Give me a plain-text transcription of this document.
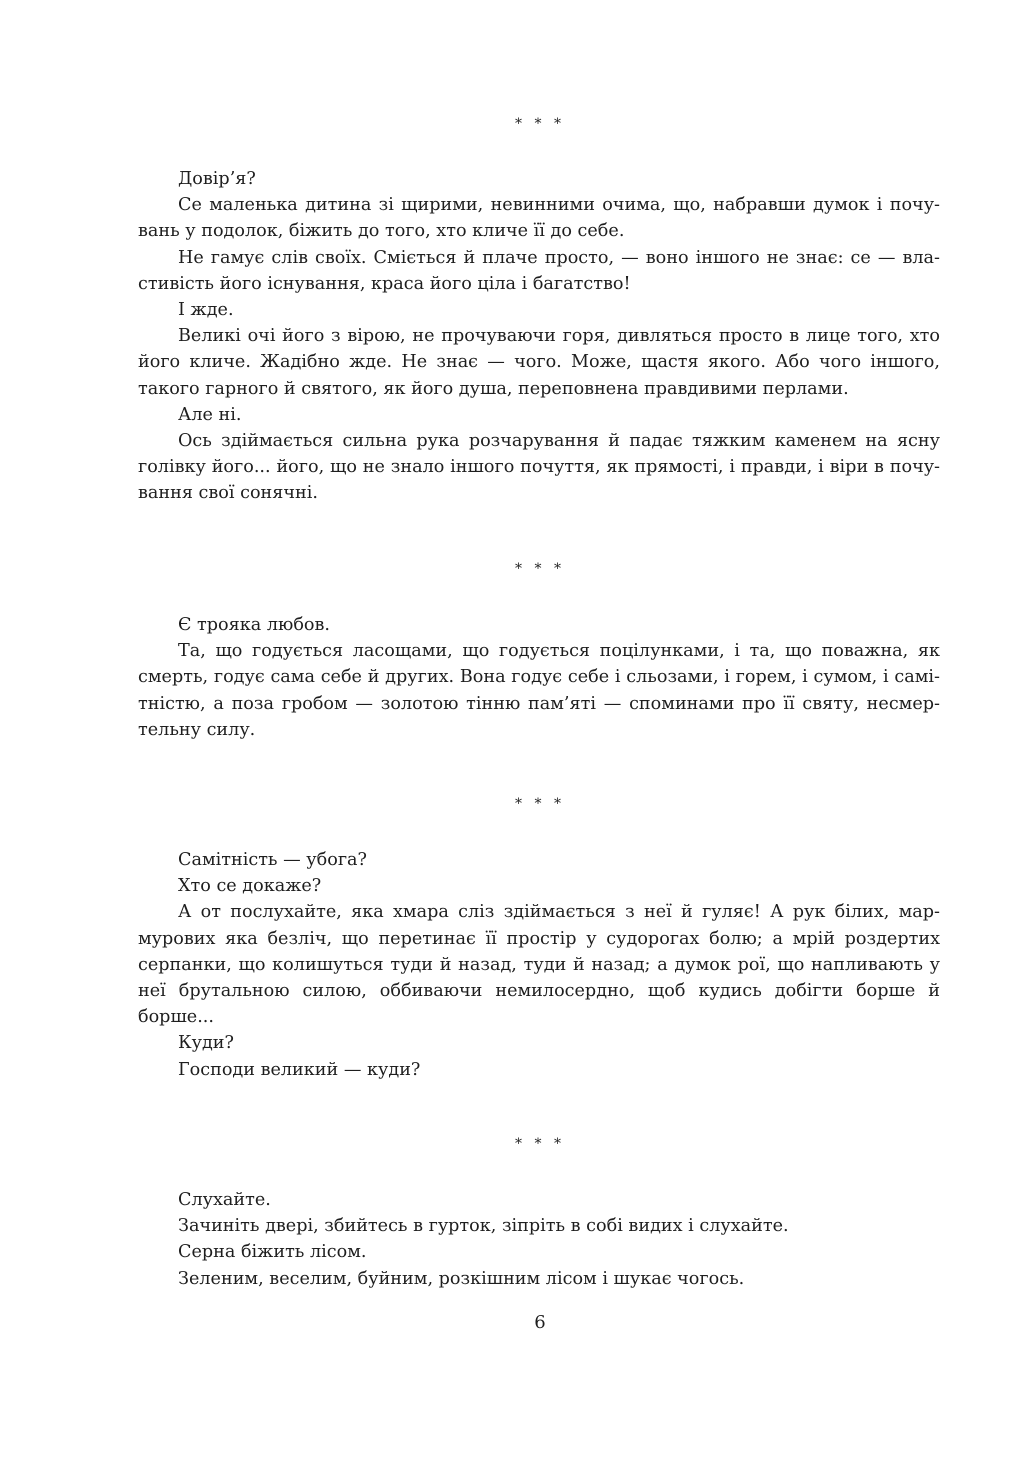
* * *

Довір’я?

Се маленька дитина зі щирими, невинними очима, що, набравши думок і почувань у подолок, біжить до того, хто кличе її до себе.

Не гамує слів своїх. Сміється й плаче просто, — воно іншого не знає: се — властивість його існування, краса його ціла і багатство!

І жде.

Великі очі його з вірою, не прочуваючи горя, дивляться просто в лице того, хто його кличе. Жадібно жде. Не знає — чого. Може, щастя якого. Або чого іншого, такого гарного й святого, як його душа, переповнена правдивими перлами.

Але ні.

Ось здіймається сильна рука розчарування й падає тяжким каменем на ясну голівку його... його, що не знало іншого почуття, як прямості, і правди, і віри в почування свої сонячні.

* * *

Є трояка любов.

Та, що годується ласощами, що годується поцілунками, і та, що поважна, як смерть, годує сама себе й других. Вона годує себе і сльозами, і горем, і сумом, і самітністю, а поза гробом — золотою тінню пам’яті — споминами про її святу, несмертельну силу.

* * *

Самітність — убога?

Хто се докаже?

А от послухайте, яка хмара сліз здіймається з неї й гуляє! А рук білих, мармурових яка безліч, що перетинає її простір у судорогах болю; а мрій роздертих серпанки, що колишуться туди й назад, туди й назад; а думок рої, що напливають у неї брутальною силою, оббиваючи немилосердно, щоб кудись добігти борше й борше...

Куди?

Господи великий — куди?

* * *

Слухайте.

Зачиніть двері, збийтесь в гурток, зіпріть в собі видих і слухайте.

Серна біжить лісом.

Зеленим, веселим, буйним, розкішним лісом і шукає чогось.

6
